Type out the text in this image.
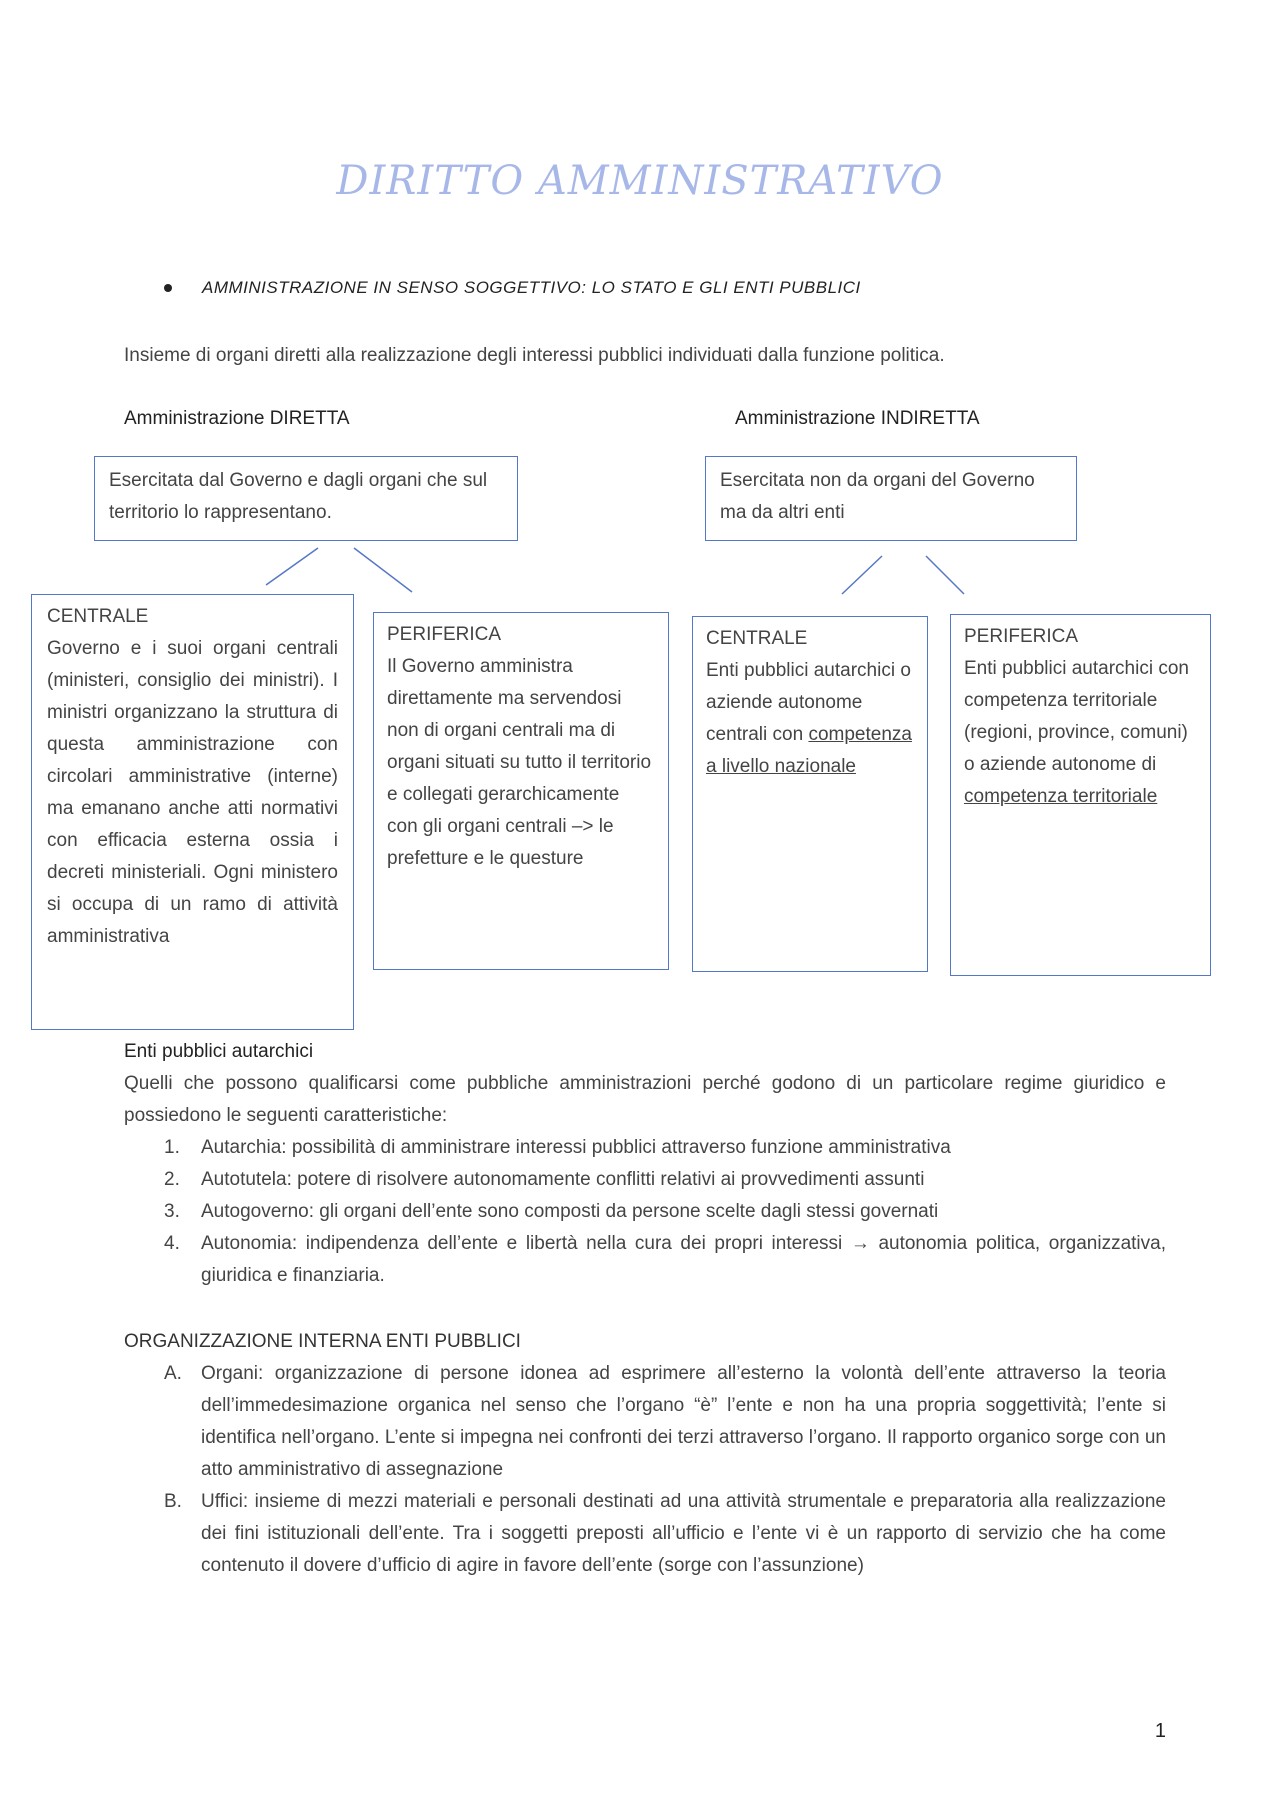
DIRITTO AMMINISTRATIVO
AMMINISTRAZIONE IN SENSO SOGGETTIVO: LO STATO E GLI ENTI PUBBLICI
Insieme di organi diretti alla realizzazione degli interessi pubblici individuati dalla funzione politica.
Amministrazione DIRETTA	Amministrazione INDIRETTA
Esercitata dal Governo e dagli organi che sul territorio lo rappresentano.
Esercitata non da organi del Governo ma da altri enti
CENTRALE
Governo e i suoi organi centrali (ministeri, consiglio dei ministri). I ministri organizzano la struttura di questa amministrazione con circolari amministrative (interne) ma emanano anche atti normativi con efficacia esterna ossia i decreti ministeriali. Ogni ministero si occupa di un ramo di attività amministrativa
PERIFERICA
Il Governo amministra direttamente ma servendosi non di organi centrali ma di organi situati su tutto il territorio e collegati gerarchicamente con gli organi centrali –> le prefetture e le questure
CENTRALE
Enti pubblici autarchici o aziende autonome centrali con competenza a livello nazionale
PERIFERICA
Enti pubblici autarchici con competenza territoriale (regioni, province, comuni) o aziende autonome di competenza territoriale
Enti pubblici autarchici
Quelli che possono qualificarsi come pubbliche amministrazioni perché godono di un particolare regime giuridico e possiedono le seguenti caratteristiche:
1. Autarchia: possibilità di amministrare interessi pubblici attraverso funzione amministrativa
2. Autotutela: potere di risolvere autonomamente conflitti relativi ai provvedimenti assunti
3. Autogoverno: gli organi dell’ente sono composti da persone scelte dagli stessi governati
4. Autonomia: indipendenza dell’ente e libertà nella cura dei propri interessi → autonomia politica, organizzativa, giuridica e finanziaria.
ORGANIZZAZIONE INTERNA ENTI PUBBLICI
A. Organi: organizzazione di persone idonea ad esprimere all’esterno la volontà dell’ente attraverso la teoria dell’immedesimazione organica nel senso che l’organo “è” l’ente e non ha una propria soggettività; l’ente si identifica nell’organo. L’ente si impegna nei confronti dei terzi attraverso l’organo. Il rapporto organico sorge con un atto amministrativo di assegnazione
B. Uffici: insieme di mezzi materiali e personali destinati ad una attività strumentale e preparatoria alla realizzazione dei fini istituzionali dell’ente. Tra i soggetti preposti all’ufficio e l’ente vi è un rapporto di servizio che ha come contenuto il dovere d’ufficio di agire in favore dell’ente (sorge con l’assunzione)
1
